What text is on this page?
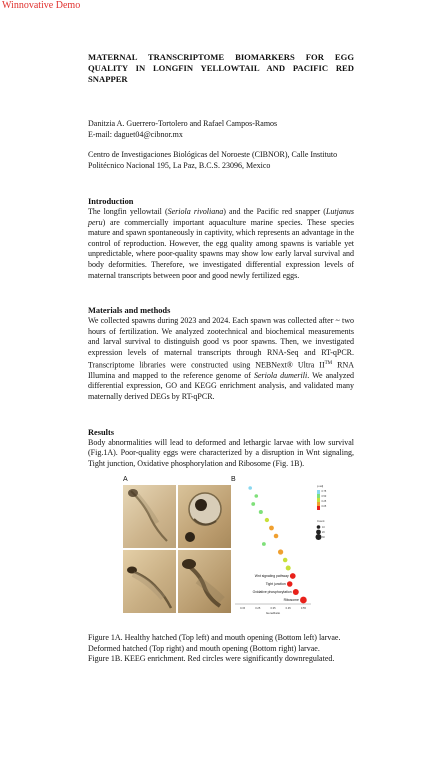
Winnovative Demo

MATERNAL TRANSCRIPTOME BIOMARKERS FOR EGG QUALITY IN LONGFIN YELLOWTAIL AND PACIFIC RED SNAPPER

Danitzia A. Guerrero-Tortolero and Rafael Campos-Ramos
E-mail: daguet04@cibnor.mx
Centro de Investigaciones Biológicas del Noroeste (CIBNOR), Calle Instituto Politécnico Nacional 195, La Paz, B.C.S. 23096, Mexico
Introduction

The longfin yellowtail (Seriola rivoliana) and the Pacific red snapper (Lutjanus peru) are commercially important aquaculture marine species. These species mature and spawn spontaneously in captivity, which represents an advantage in the control of reproduction. However, the egg quality among spawns is variable yet unpredictable, where poor-quality spawns may show low early larval survival and body deformities. Therefore, we investigated differential expression levels of maternal transcripts between poor and good newly fertilized eggs.

Materials and methods

We collected spawns during 2023 and 2024. Each spawn was collected after ~ two hours of fertilization. We analyzed zootechnical and biochemical measurements and larval survival to distinguish good vs poor spawns. Then, we investigated expression levels of maternal transcripts through RNA-Seq and RT-qPCR. Transcriptome libraries were constructed using NEBNext® Ultra II™ RNA Illumina and mapped to the reference genome of Seriola dumerili. We analyzed differential expression, GO and KEGG enrichment analysis, and validated many maternally derived DEGs by RT-qPCR.

Results

Body abnormalities will lead to deformed and lethargic larvae with low survival (Fig.1A). Poor-quality eggs were characterized by a disruption in Wnt signaling, Tight junction, Oxidative phosphorylation and Ribosome (Fig. 1B).

A	B
0.15	0.25	0.35	0.45	0.55
GeneRatio
Wnt signaling pathway
Tight junction
Oxidative phosphorylation
Ribosome
p.adj
0.75
0.50
0.25
0.05
Count
10
20
30

Figure 1A. Healthy hatched (Top left) and mouth opening (Bottom left) larvae. Deformed hatched (Top right) and mouth opening (Bottom right) larvae.

Figure 1B. KEEG enrichment. Red circles were significantly downregulated.
